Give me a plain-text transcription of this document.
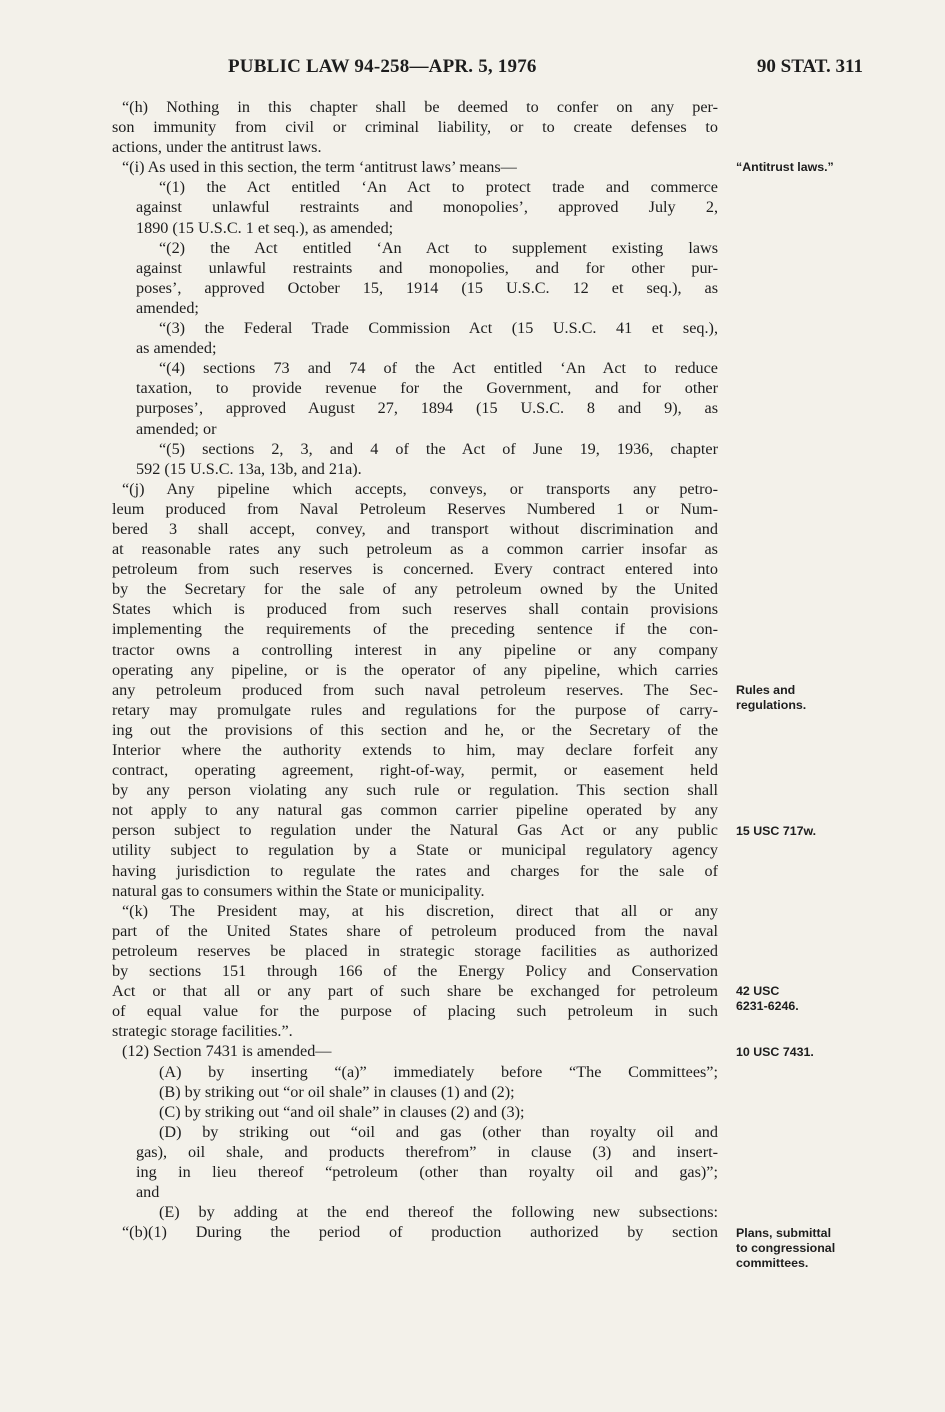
PUBLIC LAW 94-258—APR. 5, 1976	90 STAT. 311
“(h) Nothing in this chapter shall be deemed to confer on any per-
son immunity from civil or criminal liability, or to create defenses to
actions, under the antitrust laws.
“(i) As used in this section, the term ‘antitrust laws’ means—
“(1) the Act entitled ‘An Act to protect trade and commerce
against unlawful restraints and monopolies’, approved July 2,
1890 (15 U.S.C. 1 et seq.), as amended;
“(2) the Act entitled ‘An Act to supplement existing laws
against unlawful restraints and monopolies, and for other pur-
poses’, approved October 15, 1914 (15 U.S.C. 12 et seq.), as
amended;
“(3) the Federal Trade Commission Act (15 U.S.C. 41 et seq.),
as amended;
“(4) sections 73 and 74 of the Act entitled ‘An Act to reduce
taxation, to provide revenue for the Government, and for other
purposes’, approved August 27, 1894 (15 U.S.C. 8 and 9), as
amended; or
“(5) sections 2, 3, and 4 of the Act of June 19, 1936, chapter
592 (15 U.S.C. 13a, 13b, and 21a).
“(j) Any pipeline which accepts, conveys, or transports any petro-
leum produced from Naval Petroleum Reserves Numbered 1 or Num-
bered 3 shall accept, convey, and transport without discrimination and
at reasonable rates any such petroleum as a common carrier insofar as
petroleum from such reserves is concerned. Every contract entered into
by the Secretary for the sale of any petroleum owned by the United
States which is produced from such reserves shall contain provisions
implementing the requirements of the preceding sentence if the con-
tractor owns a controlling interest in any pipeline or any company
operating any pipeline, or is the operator of any pipeline, which carries
any petroleum produced from such naval petroleum reserves. The Sec-
retary may promulgate rules and regulations for the purpose of carry-
ing out the provisions of this section and he, or the Secretary of the
Interior where the authority extends to him, may declare forfeit any
contract, operating agreement, right-of-way, permit, or easement held
by any person violating any such rule or regulation. This section shall
not apply to any natural gas common carrier pipeline operated by any
person subject to regulation under the Natural Gas Act or any public
utility subject to regulation by a State or municipal regulatory agency
having jurisdiction to regulate the rates and charges for the sale of
natural gas to consumers within the State or municipality.
“(k) The President may, at his discretion, direct that all or any
part of the United States share of petroleum produced from the naval
petroleum reserves be placed in strategic storage facilities as authorized
by sections 151 through 166 of the Energy Policy and Conservation
Act or that all or any part of such share be exchanged for petroleum
of equal value for the purpose of placing such petroleum in such
strategic storage facilities.”.
(12) Section 7431 is amended—
(A) by inserting “(a)” immediately before “The Committees”;
(B) by striking out “or oil shale” in clauses (1) and (2);
(C) by striking out “and oil shale” in clauses (2) and (3);
(D) by striking out “oil and gas (other than royalty oil and
gas), oil shale, and products therefrom” in clause (3) and insert-
ing in lieu thereof “petroleum (other than royalty oil and gas)”;
and
(E) by adding at the end thereof the following new subsections:
“(b)(1) During the period of production authorized by section
“Antitrust laws.”
Rules and
regulations.
15 USC 717w.
42 USC
6231-6246.
10 USC 7431.
Plans, submittal
to congressional
committees.
